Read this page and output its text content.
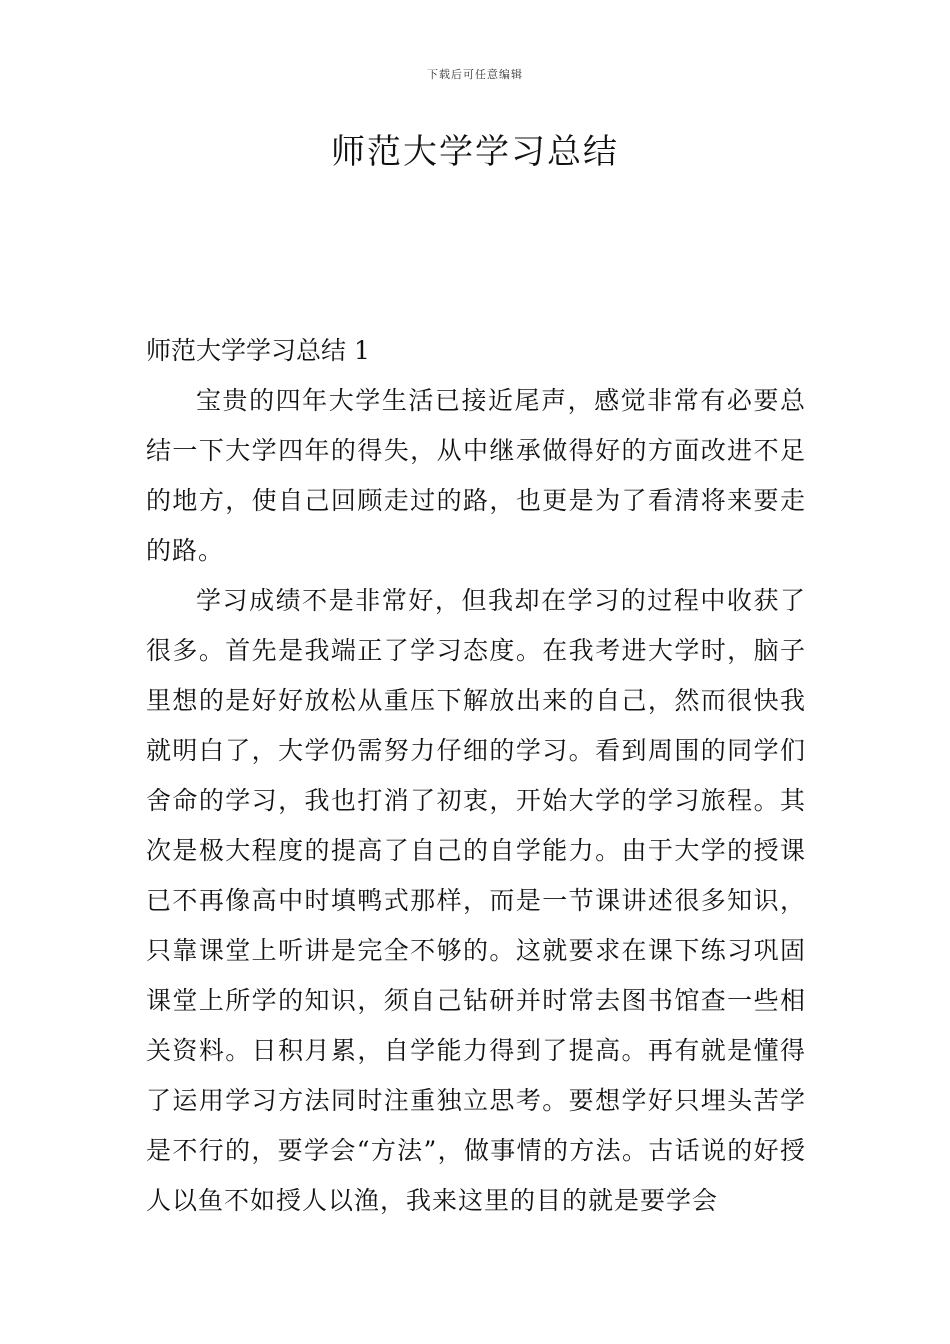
下载后可任意编辑
师范大学学习总结

师范大学学习总结 1

宝贵的四年大学生活已接近尾声，感觉非常有必要总结一下大学四年的得失，从中继承做得好的方面改进不足的地方，使自己回顾走过的路，也更是为了看清将来要走的路。

学习成绩不是非常好，但我却在学习的过程中收获了很多。首先是我端正了学习态度。在我考进大学时，脑子里想的是好好放松从重压下解放出来的自己，然而很快我就明白了，大学仍需努力仔细的学习。看到周围的同学们舍命的学习，我也打消了初衷，开始大学的学习旅程。其次是极大程度的提高了自己的自学能力。由于大学的授课已不再像高中时填鸭式那样，而是一节课讲述很多知识，只靠课堂上听讲是完全不够的。这就要求在课下练习巩固课堂上所学的知识，须自己钻研并时常去图书馆查一些相关资料。日积月累，自学能力得到了提高。再有就是懂得了运用学习方法同时注重独立思考。要想学好只埋头苦学是不行的，要学会“方法”，做事情的方法。古话说的好授人以鱼不如授人以渔，我来这里的目的就是要学会
